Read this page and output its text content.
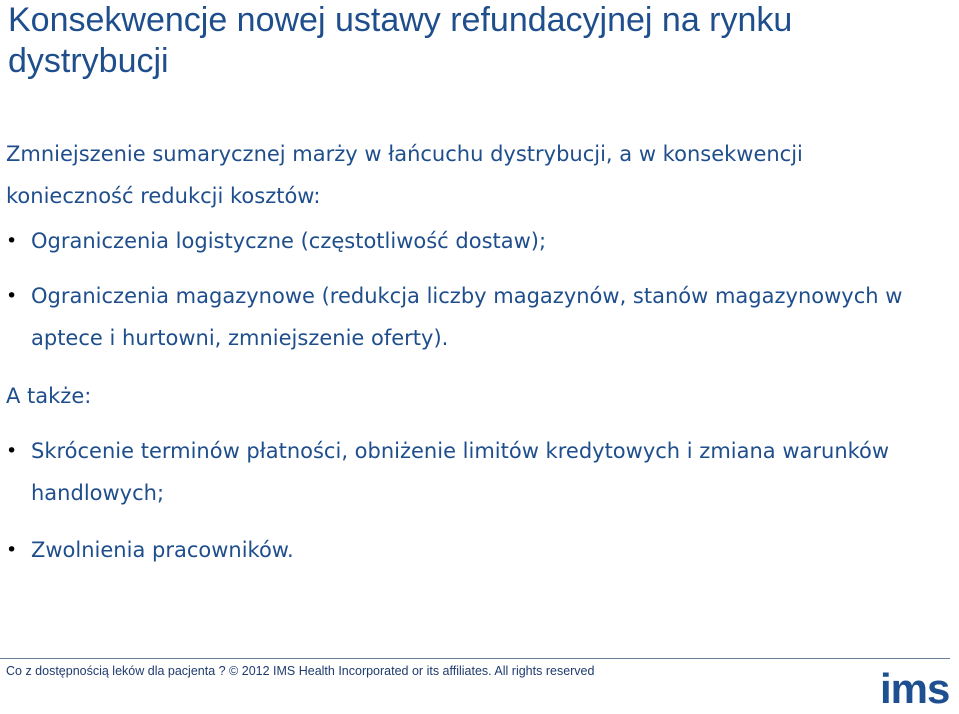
Konsekwencje nowej ustawy refundacyjnej na rynku dystrybucji

Zmniejszenie sumarycznej marży w łańcuchu dystrybucji, a w konsekwencji konieczność redukcji kosztów:

• Ograniczenia logistyczne (częstotliwość dostaw);
• Ograniczenia magazynowe (redukcja liczby magazynów, stanów magazynowych w aptece i hurtowni, zmniejszenie oferty).

A także:

• Skrócenie terminów płatności, obniżenie limitów kredytowych i zmiana warunków handlowych;
• Zwolnienia pracowników.
Co z dostępnością leków dla pacjenta ? © 2012 IMS Health Incorporated or its affiliates. All rights reserved	ims
